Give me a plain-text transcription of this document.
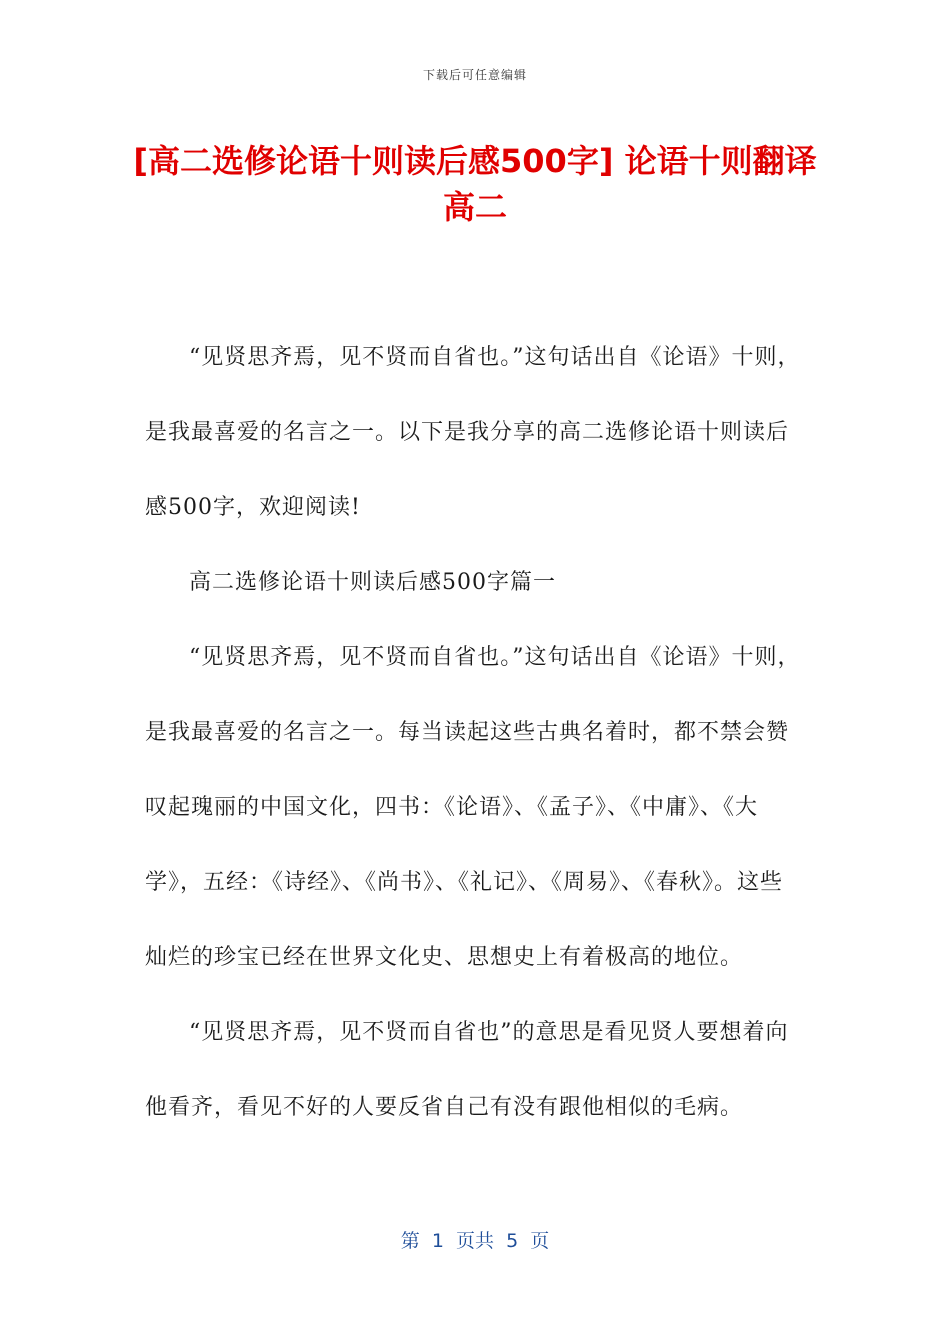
下载后可任意编辑
[高二选修论语十则读后感500字] 论语十则翻译高二

“见贤思齐焉，见不贤而自省也。”这句话出自《论语》十则，是我最喜爱的名言之一。以下是我分享的高二选修论语十则读后感500字，欢迎阅读!

高二选修论语十则读后感500字篇一

“见贤思齐焉，见不贤而自省也。”这句话出自《论语》十则，是我最喜爱的名言之一。每当读起这些古典名着时，都不禁会赞叹起瑰丽的中国文化，四书：《论语》、《孟子》、《中庸》、《大学》，五经：《诗经》、《尚书》、《礼记》、《周易》、《春秋》。这些灿烂的珍宝已经在世界文化史、思想史上有着极高的地位。

“见贤思齐焉，见不贤而自省也”的意思是看见贤人要想着向他看齐，看见不好的人要反省自己有没有跟他相似的毛病。

第  1  页共  5  页
